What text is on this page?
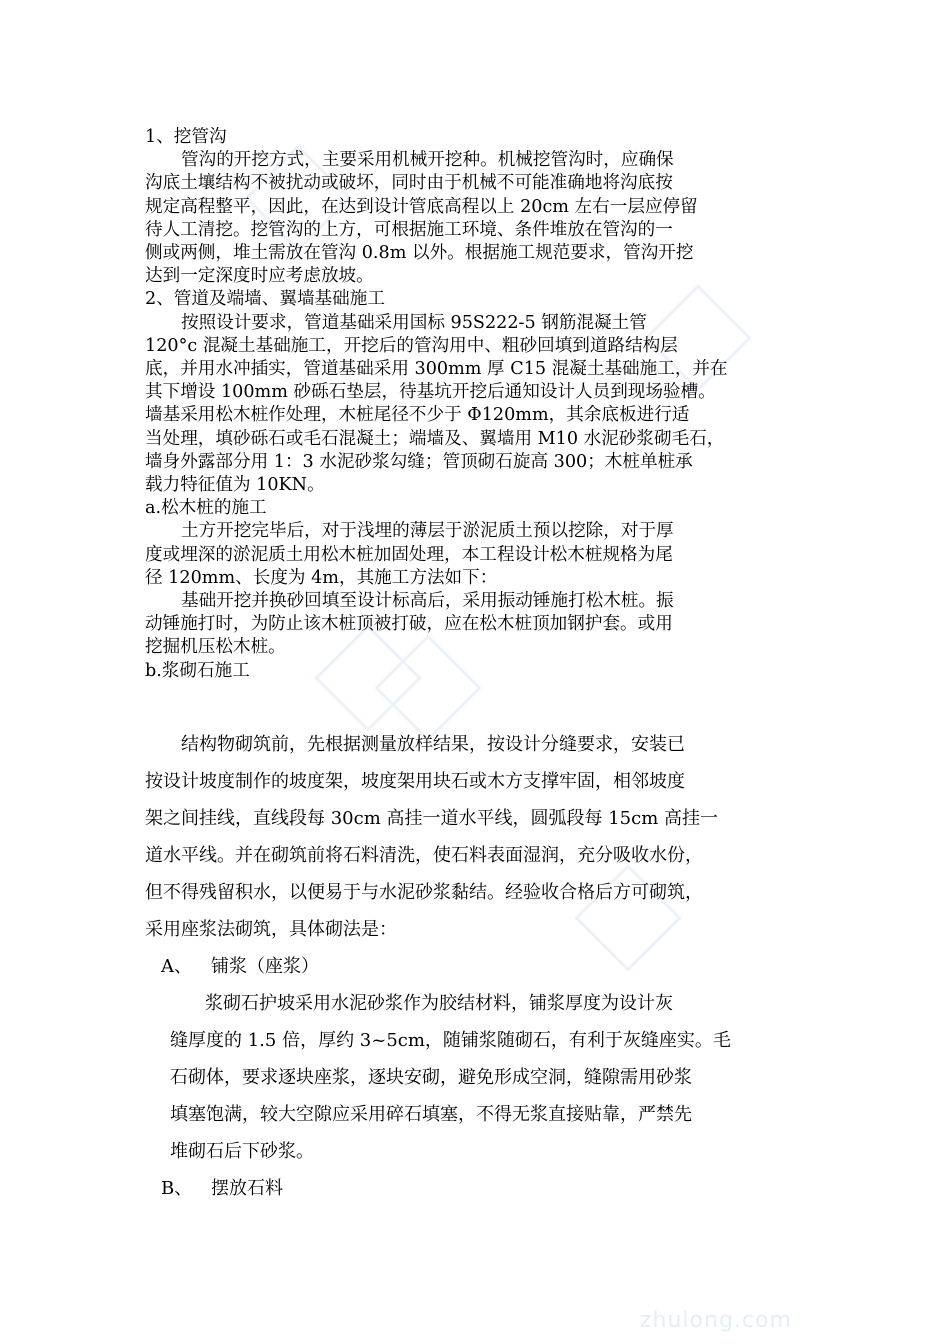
zhulong.com

1、挖管沟

管沟的开挖方式，主要采用机械开挖种。机械挖管沟时，应确保

沟底土壤结构不被扰动或破坏，同时由于机械不可能准确地将沟底按

规定高程整平，因此，在达到设计管底高程以上 20cm 左右一层应停留

待人工清挖。挖管沟的上方，可根据施工环境、条件堆放在管沟的一

侧或两侧，堆土需放在管沟 0.8m 以外。根据施工规范要求，管沟开挖

达到一定深度时应考虑放坡。

2、管道及端墙、翼墙基础施工

按照设计要求，管道基础采用国标 95S222-5 钢筋混凝土管

120°c 混凝土基础施工，开挖后的管沟用中、粗砂回填到道路结构层

底，并用水冲插实，管道基础采用 300mm 厚 C15 混凝土基础施工，并在

其下增设 100mm 砂砾石垫层，待基坑开挖后通知设计人员到现场验槽。

墙基采用松木桩作处理，木桩尾径不少于 Φ120mm，其余底板进行适

当处理，填砂砾石或毛石混凝土；端墙及、翼墙用 M10 水泥砂浆砌毛石，

墙身外露部分用 1：3 水泥砂浆勾缝；管顶砌石旋高 300；木桩单桩承

载力特征值为 10KN。

a.松木桩的施工

土方开挖完毕后，对于浅埋的薄层于淤泥质土预以挖除，对于厚

度或埋深的淤泥质土用松木桩加固处理，本工程设计松木桩规格为尾

径 120mm、长度为 4m，其施工方法如下：

基础开挖并换砂回填至设计标高后，采用振动锤施打松木桩。振

动锤施打时，为防止该木桩顶被打破，应在松木桩顶加钢护套。或用

挖掘机压松木桩。

b.浆砌石施工

结构物砌筑前，先根据测量放样结果，按设计分缝要求，安装已

按设计坡度制作的坡度架，坡度架用块石或木方支撑牢固，相邻坡度

架之间挂线，直线段每 30cm 高挂一道水平线，圆弧段每 15cm 高挂一

道水平线。并在砌筑前将石料清洗，使石料表面湿润，充分吸收水份，

但不得残留积水，以便易于与水泥砂浆黏结。经验收合格后方可砌筑，

采用座浆法砌筑，具体砌法是：

A、 铺浆（座浆）

浆砌石护坡采用水泥砂浆作为胶结材料，铺浆厚度为设计灰

缝厚度的 1.5 倍，厚约 3~5cm，随铺浆随砌石，有利于灰缝座实。毛

石砌体，要求逐块座浆，逐块安砌，避免形成空洞，缝隙需用砂浆

填塞饱满，较大空隙应采用碎石填塞，不得无浆直接贴靠，严禁先

堆砌石后下砂浆。

B、 摆放石料
